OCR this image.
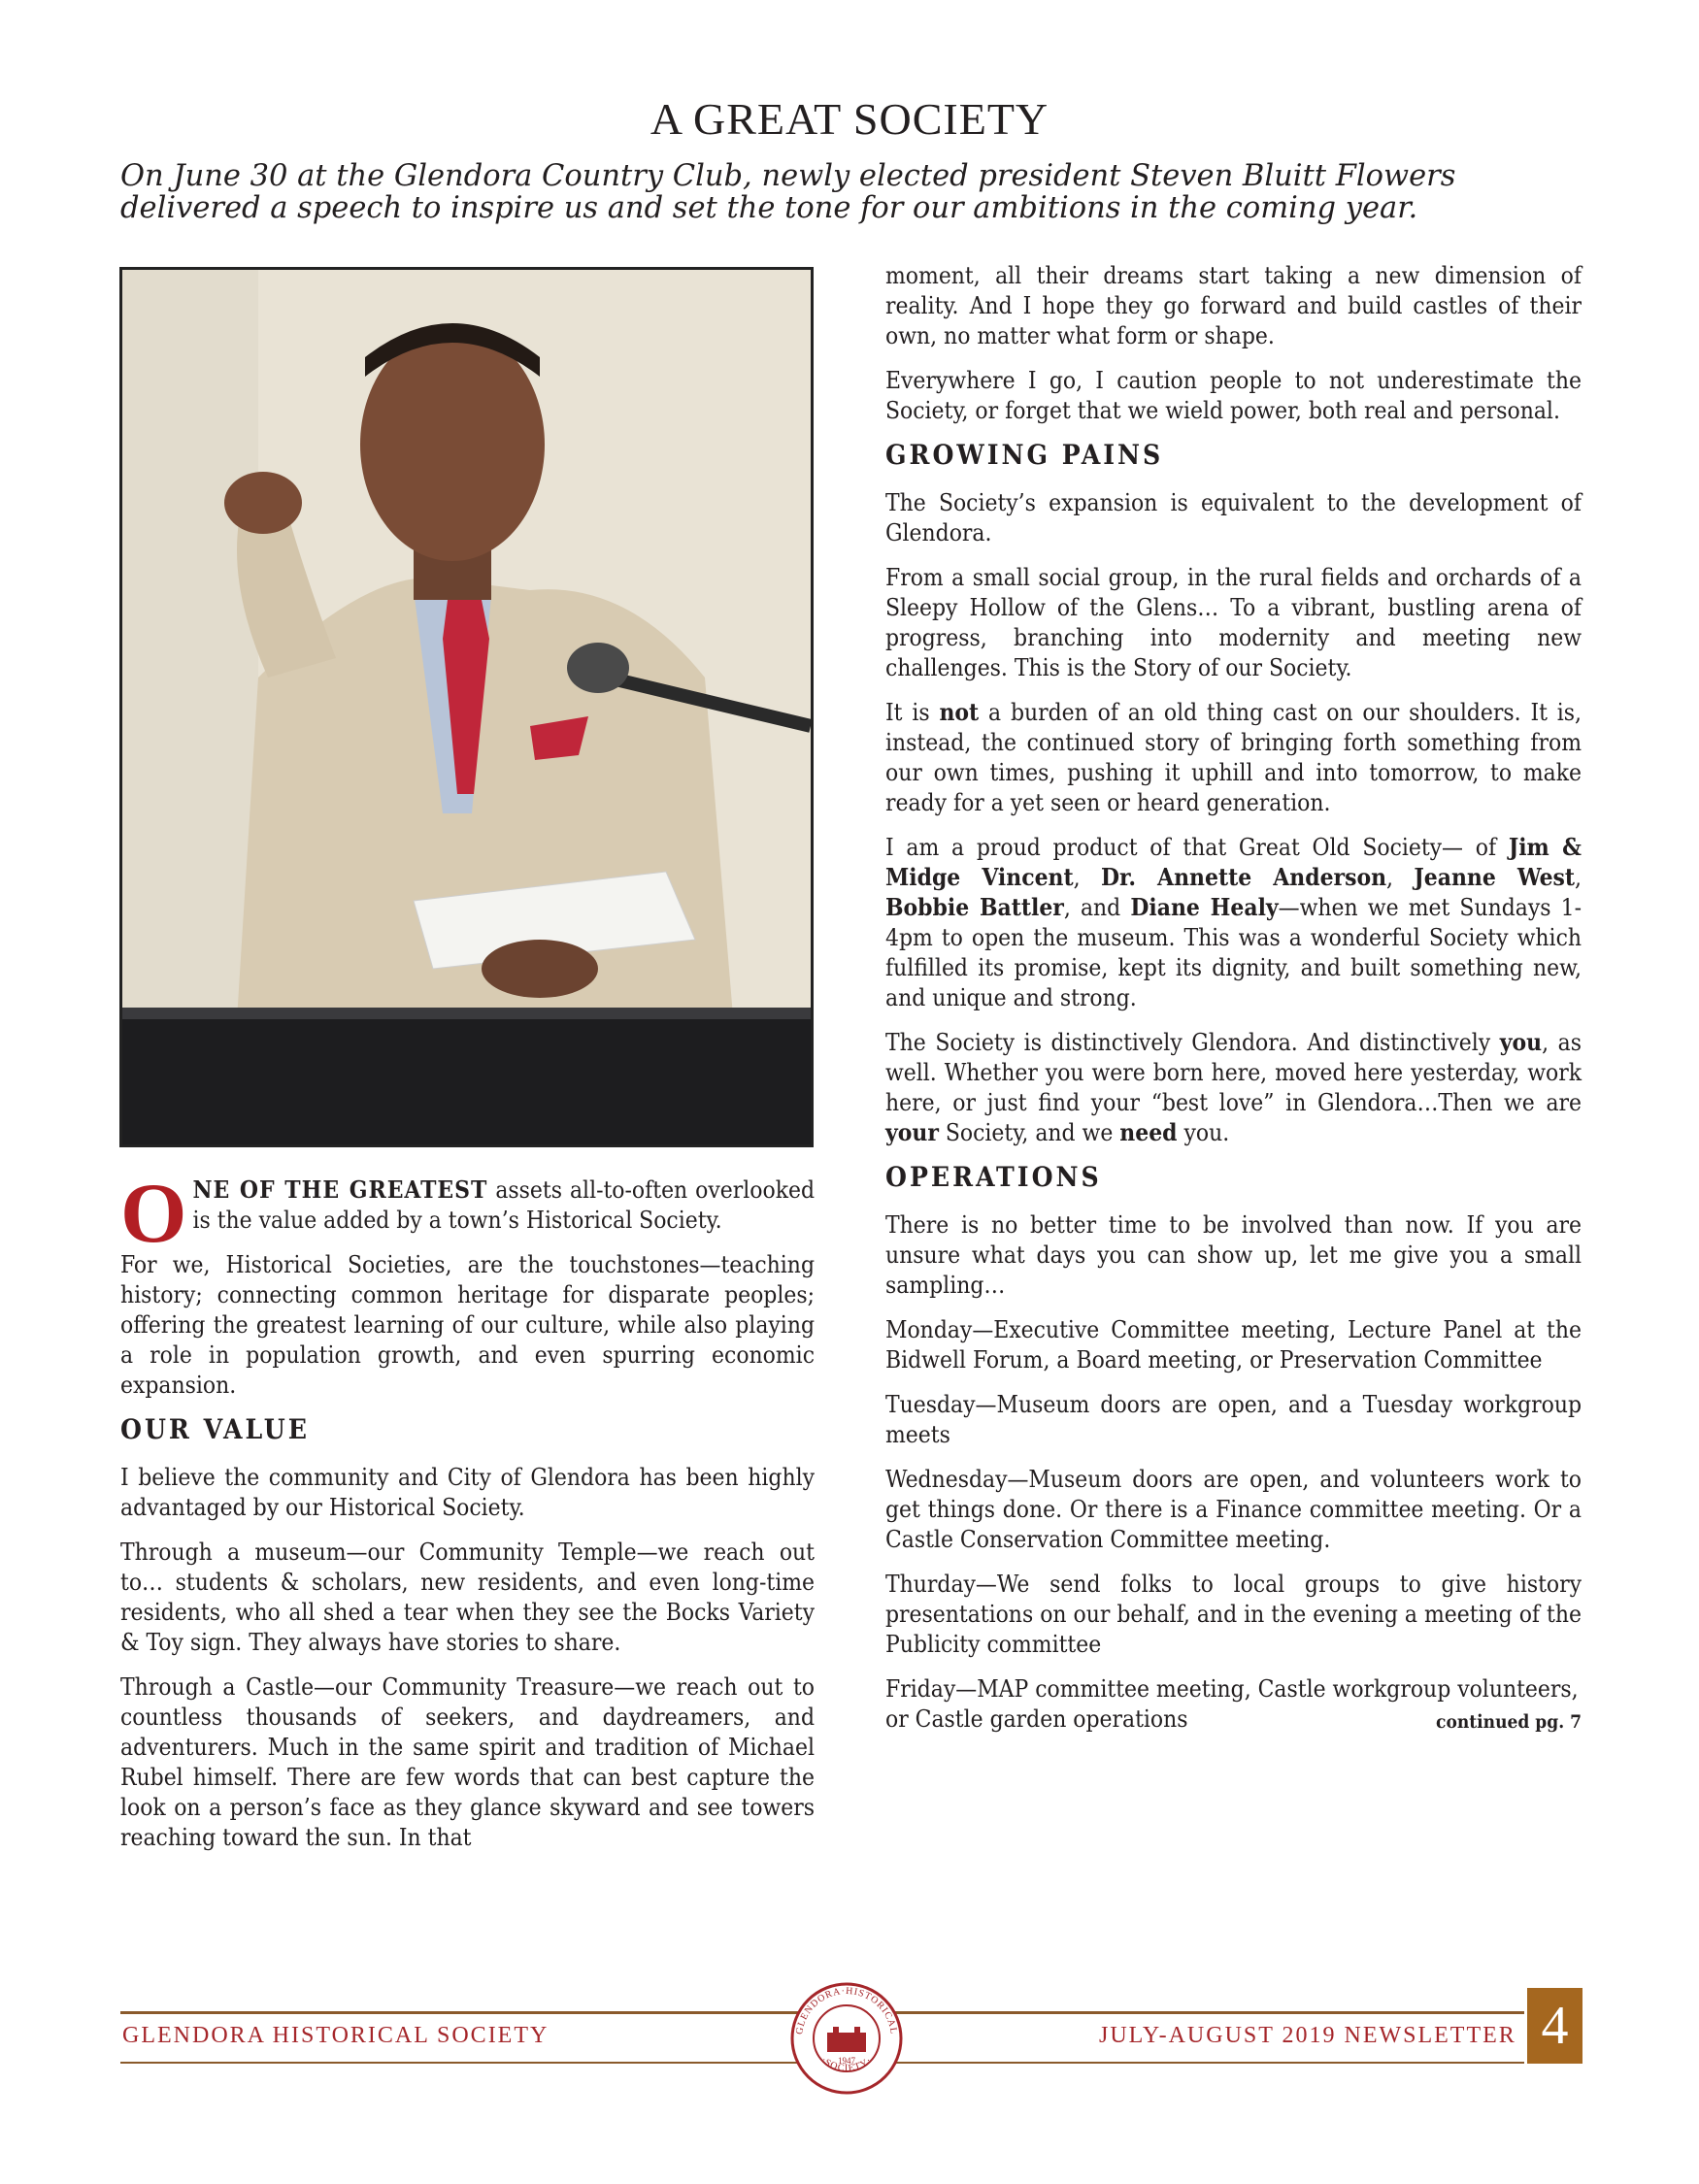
A GREAT SOCIETY
On June 30 at the Glendora Country Club, newly elected president Steven Bluitt Flowers delivered a speech to inspire us and set the tone for our ambitions in the coming year.

ONE OF THE GREATEST assets all-to-often overlooked is the value added by a town’s Historical Society.

For we, Historical Societies, are the touchstones—teaching history; connecting common heritage for disparate peoples; offering the greatest learning of our culture, while also playing a role in population growth, and even spurring economic expansion.

OUR VALUE

I believe the community and City of Glendora has been highly advantaged by our Historical Society.

Through a museum—our Community Temple—we reach out to… students & scholars, new residents, and even long-time residents, who all shed a tear when they see the Bocks Variety & Toy sign. They always have stories to share.

Through a Castle—our Community Treasure—we reach out to countless thousands of seekers, and daydreamers, and adventurers. Much in the same spirit and tradition of Michael Rubel himself. There are few words that can best capture the look on a person’s face as they glance skyward and see towers reaching toward the sun. In that

moment, all their dreams start taking a new dimension of reality. And I hope they go forward and build castles of their own, no matter what form or shape.

Everywhere I go, I caution people to not underestimate the Society, or forget that we wield power, both real and personal.

GROWING PAINS

The Society’s expansion is equivalent to the development of Glendora.

From a small social group, in the rural fields and orchards of a Sleepy Hollow of the Glens… To a vibrant, bustling arena of progress, branching into modernity and meeting new challenges. This is the Story of our Society.

It is not a burden of an old thing cast on our shoulders. It is, instead, the continued story of bringing forth something from our own times, pushing it uphill and into tomorrow, to make ready for a yet seen or heard generation.

I am a proud product of that Great Old Society— of Jim & Midge Vincent, Dr. Annette Anderson, Jeanne West, Bobbie Battler, and Diane Healy—when we met Sundays 1-4pm to open the museum. This was a wonderful Society which fulfilled its promise, kept its dignity, and built something new, and unique and strong.

The Society is distinctively Glendora. And distinctively you, as well. Whether you were born here, moved here yesterday, work here, or just find your “best love” in Glendora…Then we are your Society, and we need you.

OPERATIONS

There is no better time to be involved than now. If you are unsure what days you can show up, let me give you a small sampling…

Monday—Executive Committee meeting, Lecture Panel at the Bidwell Forum, a Board meeting, or Preservation Committee

Tuesday—Museum doors are open, and a Tuesday workgroup meets

Wednesday—Museum doors are open, and volunteers work to get things done. Or there is a Finance committee meeting. Or a Castle Conservation Committee meeting.

Thurday—We send folks to local groups to give history presentations on our behalf, and in the evening a meeting of the Publicity committee

Friday—MAP committee meeting, Castle workgroup volunteers, or Castle garden operations	continued pg. 7

GLENDORA HISTORICAL SOCIETY	JULY-AUGUST 2019 NEWSLETTER 4
GLENDORA·HISTORICAL
·SOCIETY·
1947
